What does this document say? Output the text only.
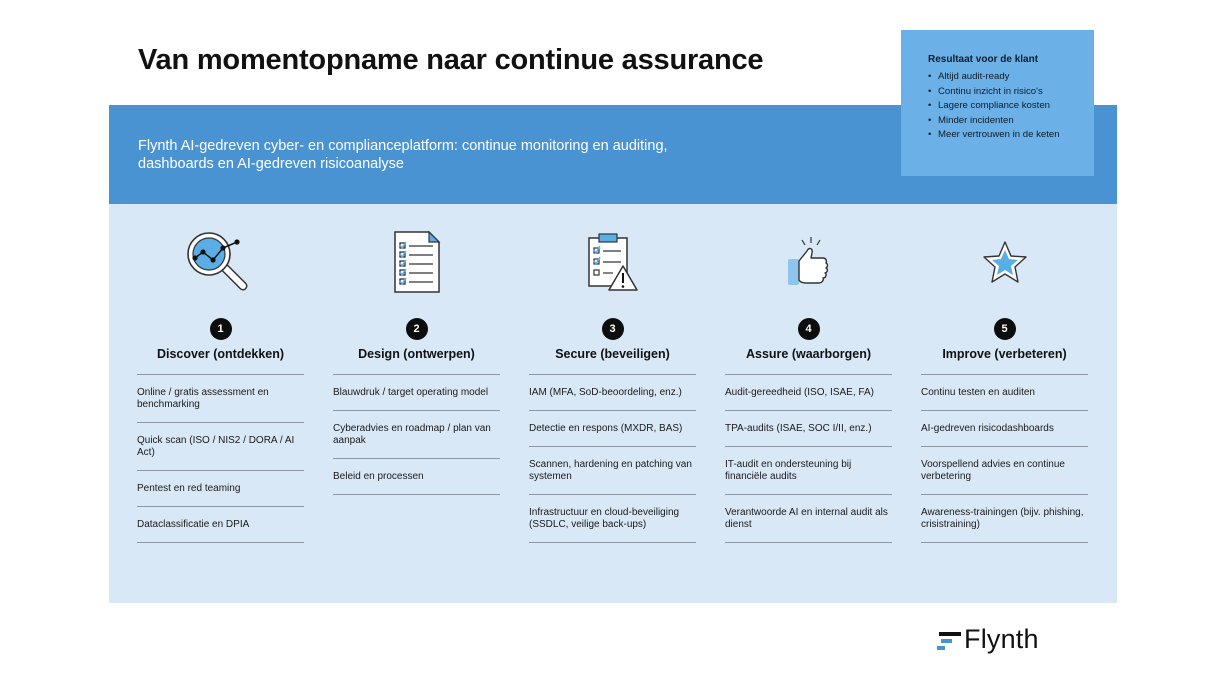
Van momentopname naar continue assurance
Flynth AI-gedreven cyber- en complianceplatform: continue monitoring en auditing, dashboards en AI-gedreven risicoanalyse
Resultaat voor de klant
• Altijd audit-ready
• Continu inzicht in risico's
• Lagere compliance kosten
• Minder incidenten
• Meer vertrouwen in de keten
1
Discover (ontdekken)
Online / gratis assessment en benchmarking
Quick scan (ISO / NIS2 / DORA / AI Act)
Pentest en red teaming
Dataclassificatie en DPIA
2
Design (ontwerpen)
Blauwdruk / target operating model
Cyberadvies en roadmap / plan van aanpak
Beleid en processen
3
Secure (beveiligen)
IAM (MFA, SoD-beoordeling, enz.)
Detectie en respons (MXDR, BAS)
Scannen, hardening en patching van systemen
Infrastructuur en cloud-beveiliging (SSDLC, veilige back-ups)
4
Assure (waarborgen)
Audit-gereedheid (ISO, ISAE, FA)
TPA-audits (ISAE, SOC I/II, enz.)
IT-audit en ondersteuning bij financiële audits
Verantwoorde AI en internal audit als dienst
5
Improve (verbeteren)
Continu testen en auditen
AI-gedreven risicodashboards
Voorspellend advies en continue verbetering
Awareness-trainingen (bijv. phishing, crisistraining)
Flynth
